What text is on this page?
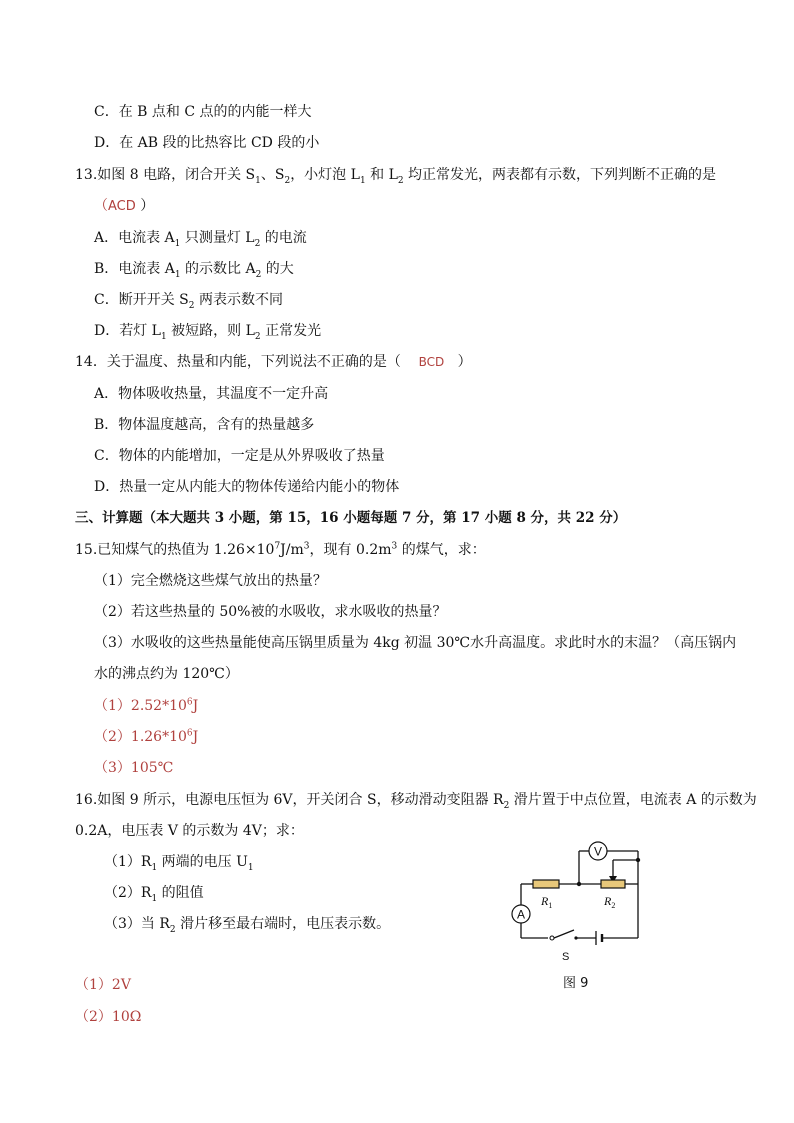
C．在 B 点和 C 点的的内能一样大
D．在 AB 段的比热容比 CD 段的小
13.如图 8 电路，闭合开关 $S_1$、$S_2$，小灯泡 $L_1$ 和 $L_2$ 均正常发光，两表都有示数，下列判断不正确的是
（ACD ）
A．电流表 $A_1$ 只测量灯 $L_2$ 的电流
B．电流表 $A_1$ 的示数比 $A_2$ 的大
C．断开开关 $S_2$ 两表示数不同
D．若灯 $L_1$ 被短路，则 $L_2$ 正常发光
14．关于温度、热量和内能，下列说法不正确的是（ BCD ）
A．物体吸收热量，其温度不一定升高
B．物体温度越高，含有的热量越多
C．物体的内能增加，一定是从外界吸收了热量
D．热量一定从内能大的物体传递给内能小的物体
三、计算题（本大题共 3 小题，第 15，16 小题每题 7 分，第 17 小题 8 分，共 22 分）
15.已知煤气的热值为 $1.26\times 10^7J/m^3$，现有 $0.2m^3$ 的煤气，求：
（1）完全燃烧这些煤气放出的热量？
（2）若这些热量的 50%被的水吸收，求水吸收的热量？
（3）水吸收的这些热量能使高压锅里质量为 4kg 初温 30℃水升高温度。求此时水的末温？（高压锅内
水的沸点约为 120℃）
$(1)2.52*10^6J$
$(2)1.26*10^6J$
（3）105℃
16.如图 9 所示，电源电压恒为 6V，开关闭合 S，移动滑动变阻器 $R_2$ 滑片置于中点位置，电流表 A 的示数为
0.2A，电压表 V 的示数为 4V；求：
$(1)R_1$ 两端的电压 $U_1$
$(2)R_1$ 的阻值
（3）当 $R_2$ 滑片移至最右端时，电压表示数。
（1）2V
（2）10Ω
V
A
$R_1$	$R_2$
S
图 9
